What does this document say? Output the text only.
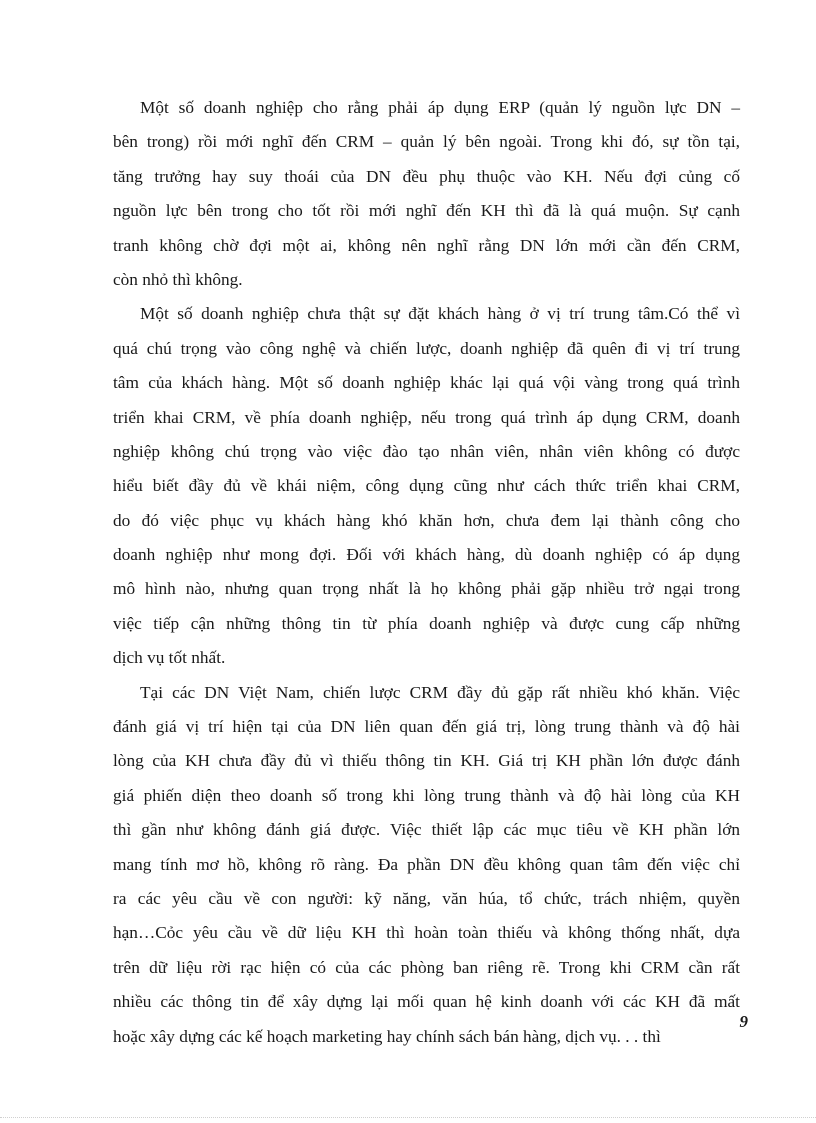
Một số doanh nghiệp cho rằng phải áp dụng ERP (quản lý nguồn lực DN –
bên trong) rồi mới nghĩ đến CRM – quản lý bên ngoài. Trong khi đó, sự tồn tại,
tăng trưởng hay suy thoái của DN đều phụ thuộc vào KH. Nếu đợi củng cố
nguồn lực bên trong cho tốt rồi mới nghĩ đến KH thì đã là quá muộn. Sự cạnh
tranh không chờ đợi một ai, không nên nghĩ rằng DN lớn mới cần đến CRM,
còn nhỏ thì không.
Một số doanh nghiệp chưa thật sự đặt khách hàng ở vị trí trung tâm.Có thể vì
quá chú trọng vào công nghệ và chiến lược, doanh nghiệp đã quên đi vị trí trung
tâm của khách hàng. Một số doanh nghiệp khác lại quá vội vàng trong quá trình
triển khai CRM, về phía doanh nghiệp, nếu trong quá trình áp dụng CRM, doanh
nghiệp không chú trọng vào việc đào tạo nhân viên, nhân viên không có được
hiểu biết đầy đủ về khái niệm, công dụng cũng như cách thức triển khai CRM,
do đó việc phục vụ khách hàng khó khăn hơn, chưa đem lại thành công cho
doanh nghiệp như mong đợi. Đối với khách hàng, dù doanh nghiệp có áp dụng
mô hình nào, nhưng quan trọng nhất là họ không phải gặp nhiều trở ngại trong
việc tiếp cận những thông tin từ phía doanh nghiệp và được cung cấp những
dịch vụ tốt nhất.
Tại các DN Việt Nam, chiến lược CRM đầy đủ gặp rất nhiều khó khăn. Việc
đánh giá vị trí hiện tại của DN liên quan đến giá trị, lòng trung thành và độ hài
lòng của KH chưa đầy đủ vì thiếu thông tin KH. Giá trị KH phần lớn được đánh
giá phiến diện theo doanh số trong khi lòng trung thành và độ hài lòng của KH
thì gần như không đánh giá được. Việc thiết lập các mục tiêu về KH phần lớn
mang tính mơ hồ, không rõ ràng. Đa phần DN đều không quan tâm đến việc chỉ
ra các yêu cầu về con người: kỹ năng, văn húa, tổ chức, trách nhiệm, quyền
hạn…Cỏc yêu cầu về dữ liệu KH thì hoàn toàn thiếu và không thống nhất, dựa
trên dữ liệu rời rạc hiện có của các phòng ban riêng rẽ. Trong khi CRM cần rất
nhiều các thông tin để xây dựng lại mối quan hệ kinh doanh với các KH đã mất
hoặc xây dựng các kế hoạch marketing hay chính sách bán hàng, dịch vụ. . . thì
9
